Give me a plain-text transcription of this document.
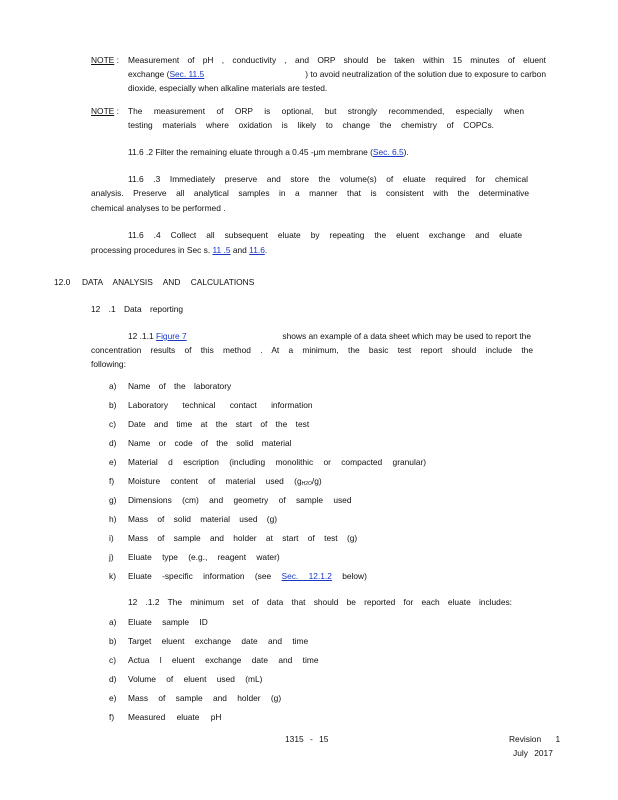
NOTE : Measurement of pH , conductivity , and ORP should be taken within 15 minutes of eluent
exchange (Sec. 11.5	) to avoid neutralization of the solution due to exposure to carbon
dioxide, especially when alkaline materials are tested.
NOTE : The measurement of ORP is optional, but strongly recommended, especially when
testing materials where oxidation is likely to change the chemistry of COPCs.
11.6 .2 Filter the remaining eluate through a 0.45 -μm membrane (Sec. 6.5).
11.6 .3 Immediately preserve and store the volume(s) of eluate required for chemical
analysis. Preserve all analytical samples in a manner that is consistent with the determinative
chemical analyses to be performed .
11.6 .4 Collect all subsequent eluate by repeating the eluent exchange and eluate
processing procedures in Sec s. 11 .5 and 11.6.
12.0 DATA ANALYSIS AND CALCULATIONS
12 .1 Data reporting
12 .1.1 Figure 7	shows an example of a data sheet which may be used to report the
concentration results of this method . At a minimum, the basic test report should include the
following:
a) Name of the laboratory
b) Laboratory technical contact information
c) Date and time at the start of the test
d) Name or code of the solid material
e) Material d escription (including monolithic or compacted granular)
f) Moisture content of material used $(g_{H2O}/g)$
g) Dimensions (cm) and geometry of sample used
h) Mass of solid material used (g)
i) Mass of sample and holder at start of test (g)
j) Eluate type (e.g., reagent water)
k) Eluate -specific information (see Sec. 12.1.2 below)
12 .1.2 The minimum set of data that should be reported for each eluate includes:
a) Eluate sample ID
b) Target eluent exchange date and time
c) Actua l eluent exchange date and time
d) Volume of eluent used (mL)
e) Mass of sample and holder (g)
f) Measured eluate pH
1315 - 15	Revision 1
July 2017
